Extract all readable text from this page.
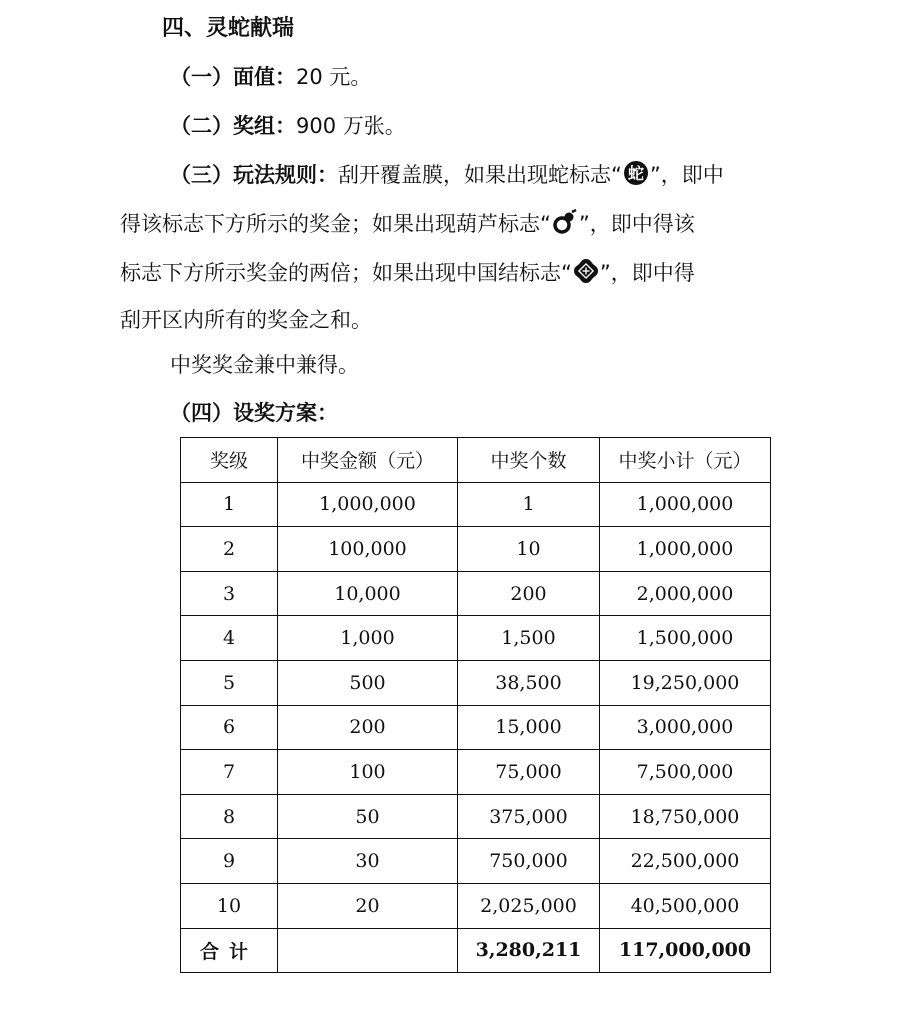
四、灵蛇献瑞
（一）面值：20 元。
（二）奖组：900 万张。
（三）玩法规则：刮开覆盖膜，如果出现蛇标志“ 蛇 ”，即中
得该标志下方所示的奖金；如果出现葫芦标志“ ”，即中得该
标志下方所示奖金的两倍；如果出现中国结标志“ ”，即中得
刮开区内所有的奖金之和。
中奖奖金兼中兼得。
（四）设奖方案：
奖级	中奖金额（元）	中奖个数	中奖小计（元）
1	1,000,000	1	1,000,000
2	100,000	10	1,000,000
3	10,000	200	2,000,000
4	1,000	1,500	1,500,000
5	500	38,500	19,250,000
6	200	15,000	3,000,000
7	100	75,000	7,500,000
8	50	375,000	18,750,000
9	30	750,000	22,500,000
10	20	2,025,000	40,500,000
合计		3,280,211	117,000,000
